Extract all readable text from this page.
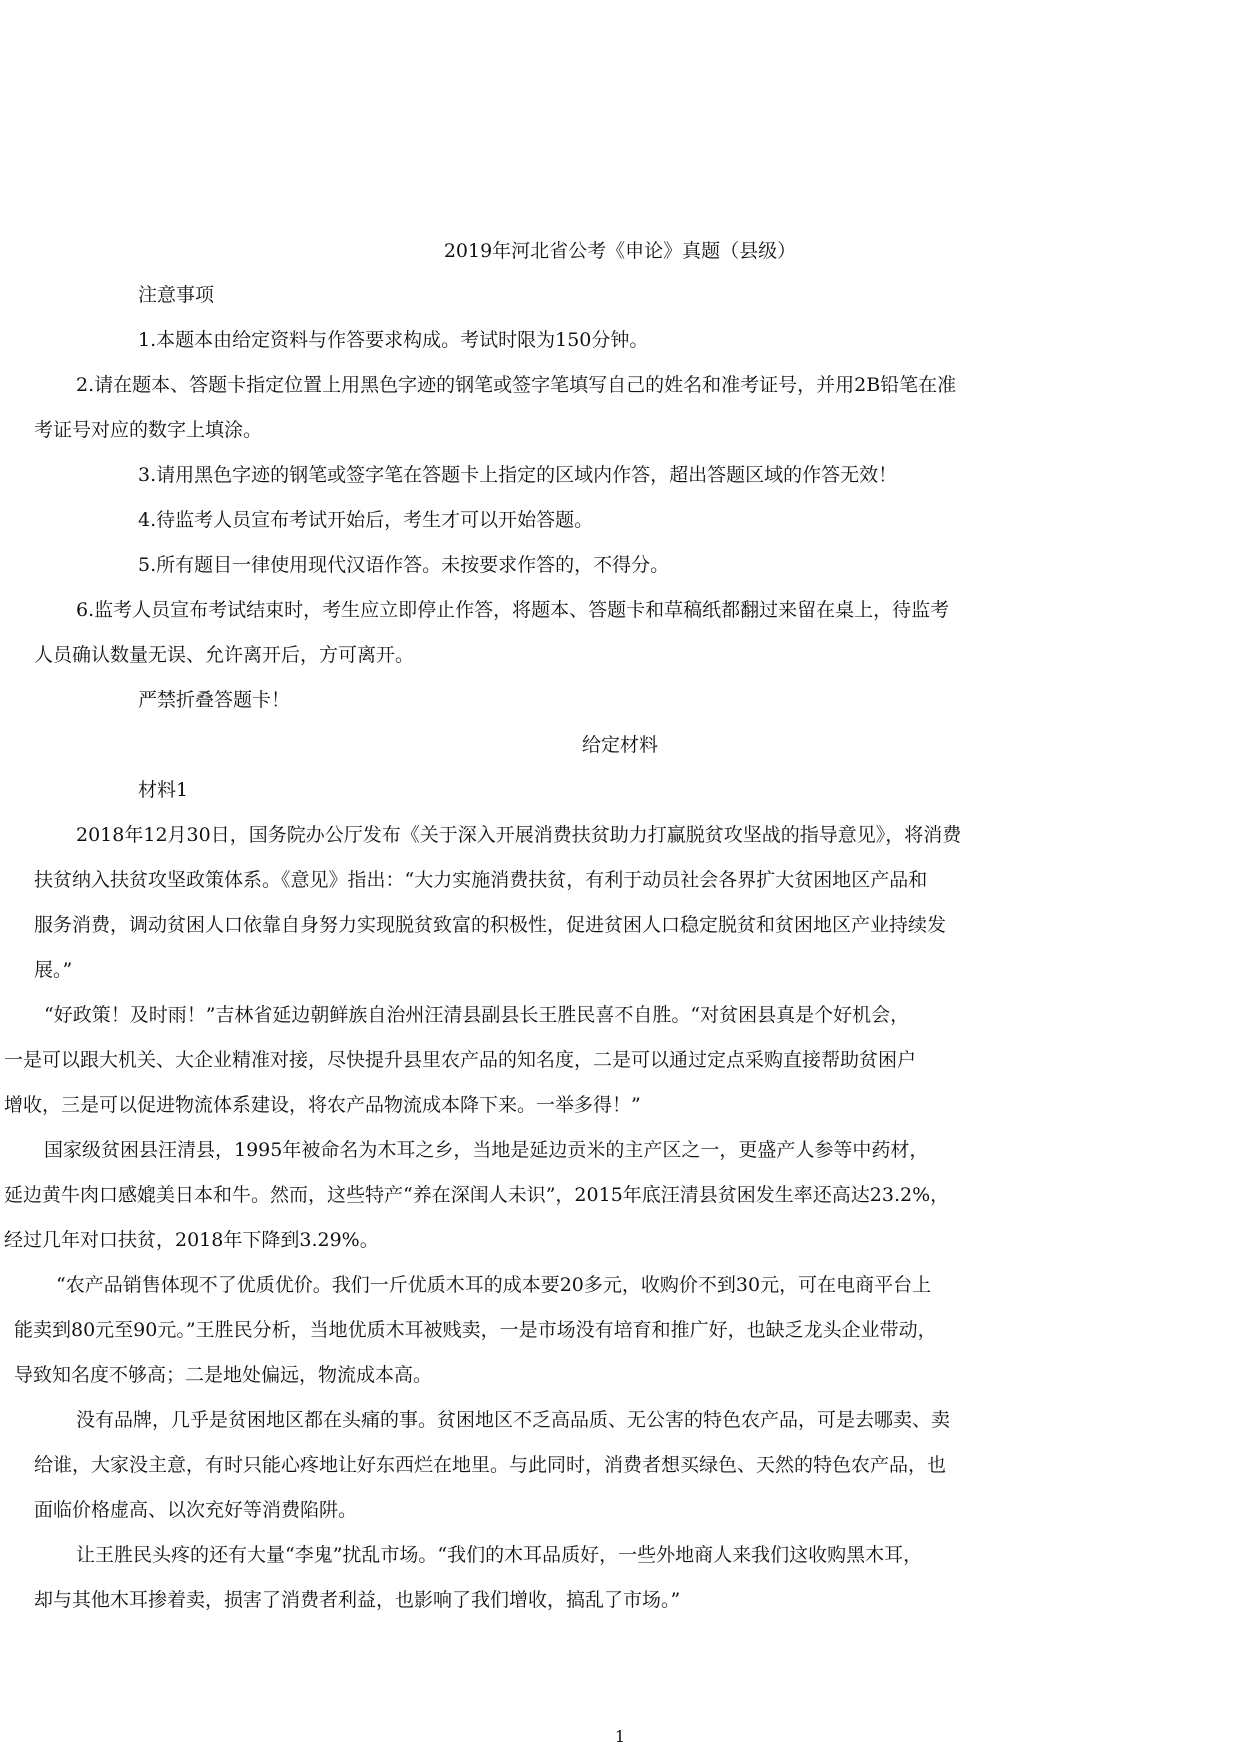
2019年河北省公考《申论》真题（县级）
注意事项
1.本题本由给定资料与作答要求构成。考试时限为150分钟。
2.请在题本、答题卡指定位置上用黑色字迹的钢笔或签字笔填写自己的姓名和准考证号，并用2B铅笔在准
考证号对应的数字上填涂。
3.请用黑色字迹的钢笔或签字笔在答题卡上指定的区域内作答，超出答题区域的作答无效！
4.待监考人员宣布考试开始后，考生才可以开始答题。
5.所有题目一律使用现代汉语作答。未按要求作答的，不得分。
6.监考人员宣布考试结束时，考生应立即停止作答，将题本、答题卡和草稿纸都翻过来留在桌上，待监考
人员确认数量无误、允许离开后，方可离开。
严禁折叠答题卡！
给定材料
材料1
2018年12月30日，国务院办公厅发布《关于深入开展消费扶贫助力打赢脱贫攻坚战的指导意见》，将消费
扶贫纳入扶贫攻坚政策体系。《意见》指出：“大力实施消费扶贫，有利于动员社会各界扩大贫困地区产品和
服务消费，调动贫困人口依靠自身努力实现脱贫致富的积极性，促进贫困人口稳定脱贫和贫困地区产业持续发
展。”
“好政策！及时雨！”吉林省延边朝鲜族自治州汪清县副县长王胜民喜不自胜。“对贫困县真是个好机会，
一是可以跟大机关、大企业精准对接，尽快提升县里农产品的知名度，二是可以通过定点采购直接帮助贫困户
增收，三是可以促进物流体系建设，将农产品物流成本降下来。一举多得！”
国家级贫困县汪清县，1995年被命名为木耳之乡，当地是延边贡米的主产区之一，更盛产人参等中药材，
延边黄牛肉口感媲美日本和牛。然而，这些特产“养在深闺人未识”，2015年底汪清县贫困发生率还高达23.2%，
经过几年对口扶贫，2018年下降到3.29%。
“农产品销售体现不了优质优价。我们一斤优质木耳的成本要20多元，收购价不到30元，可在电商平台上
能卖到80元至90元。”王胜民分析，当地优质木耳被贱卖，一是市场没有培育和推广好，也缺乏龙头企业带动，
导致知名度不够高；二是地处偏远，物流成本高。
没有品牌，几乎是贫困地区都在头痛的事。贫困地区不乏高品质、无公害的特色农产品，可是去哪卖、卖
给谁，大家没主意，有时只能心疼地让好东西烂在地里。与此同时，消费者想买绿色、天然的特色农产品，也
面临价格虚高、以次充好等消费陷阱。
让王胜民头疼的还有大量“李鬼”扰乱市场。“我们的木耳品质好，一些外地商人来我们这收购黑木耳，
却与其他木耳掺着卖，损害了消费者利益，也影响了我们增收，搞乱了市场。”
1
